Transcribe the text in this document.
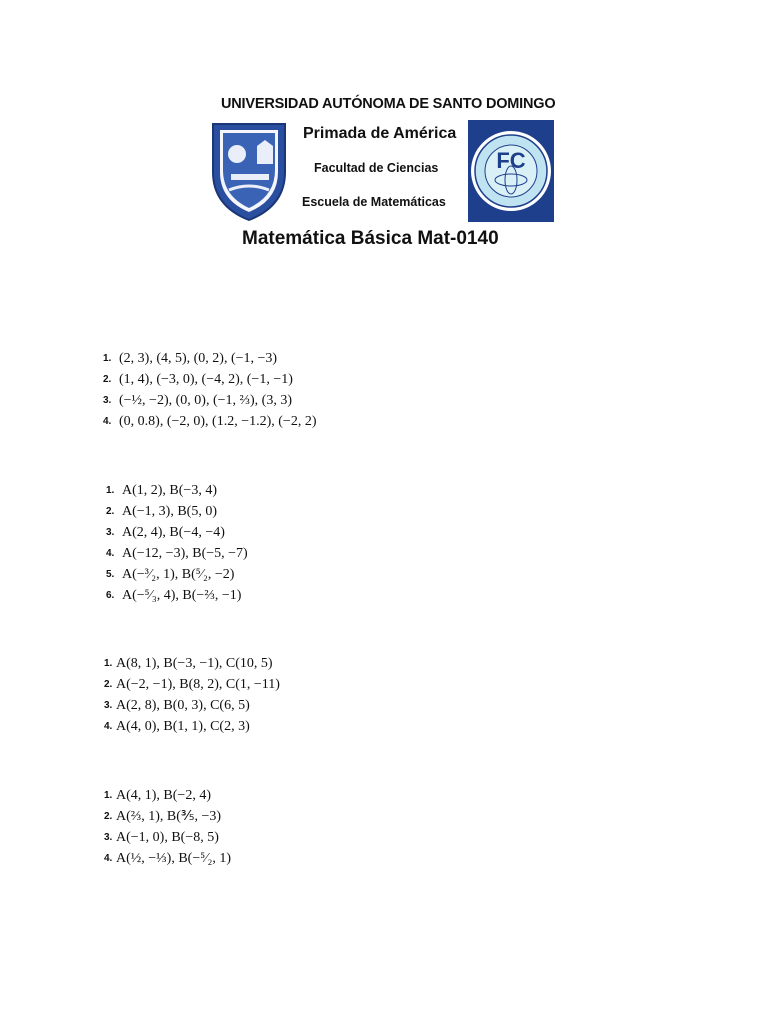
UNIVERSIDAD AUTÓNOMA DE SANTO DOMINGO
Primada de América
Facultad de Ciencias
Escuela de Matemáticas
FC
Matemática Básica Mat-0140
1. (2, 3), (4, 5), (0, 2), (−1, −3)
2. (1, 4), (−3, 0), (−4, 2), (−1, −1)
3. (−½, −2), (0, 0), (−1, ⅔), (3, 3)
4. (0, 0.8), (−2, 0), (1.2, −1.2), (−2, 2)
1. A(1, 2), B(−3, 4)
2. A(−1, 3), B(5, 0)
3. A(2, 4), B(−4, −4)
4. A(−12, −3), B(−5, −7)
5. A(−³⁄₂, 1), B(⁵⁄₂, −2)
6. A(−⁵⁄₃, 4), B(−⅔, −1)
1. A(8, 1), B(−3, −1), C(10, 5)
2. A(−2, −1), B(8, 2), C(1, −11)
3. A(2, 8), B(0, 3), C(6, 5)
4. A(4, 0), B(1, 1), C(2, 3)
1. A(4, 1), B(−2, 4)
2. A(⅔, 1), B(⅗, −3)
3. A(−1, 0), B(−8, 5)
4. A(½, −⅓), B(−⁵⁄₂, 1)
